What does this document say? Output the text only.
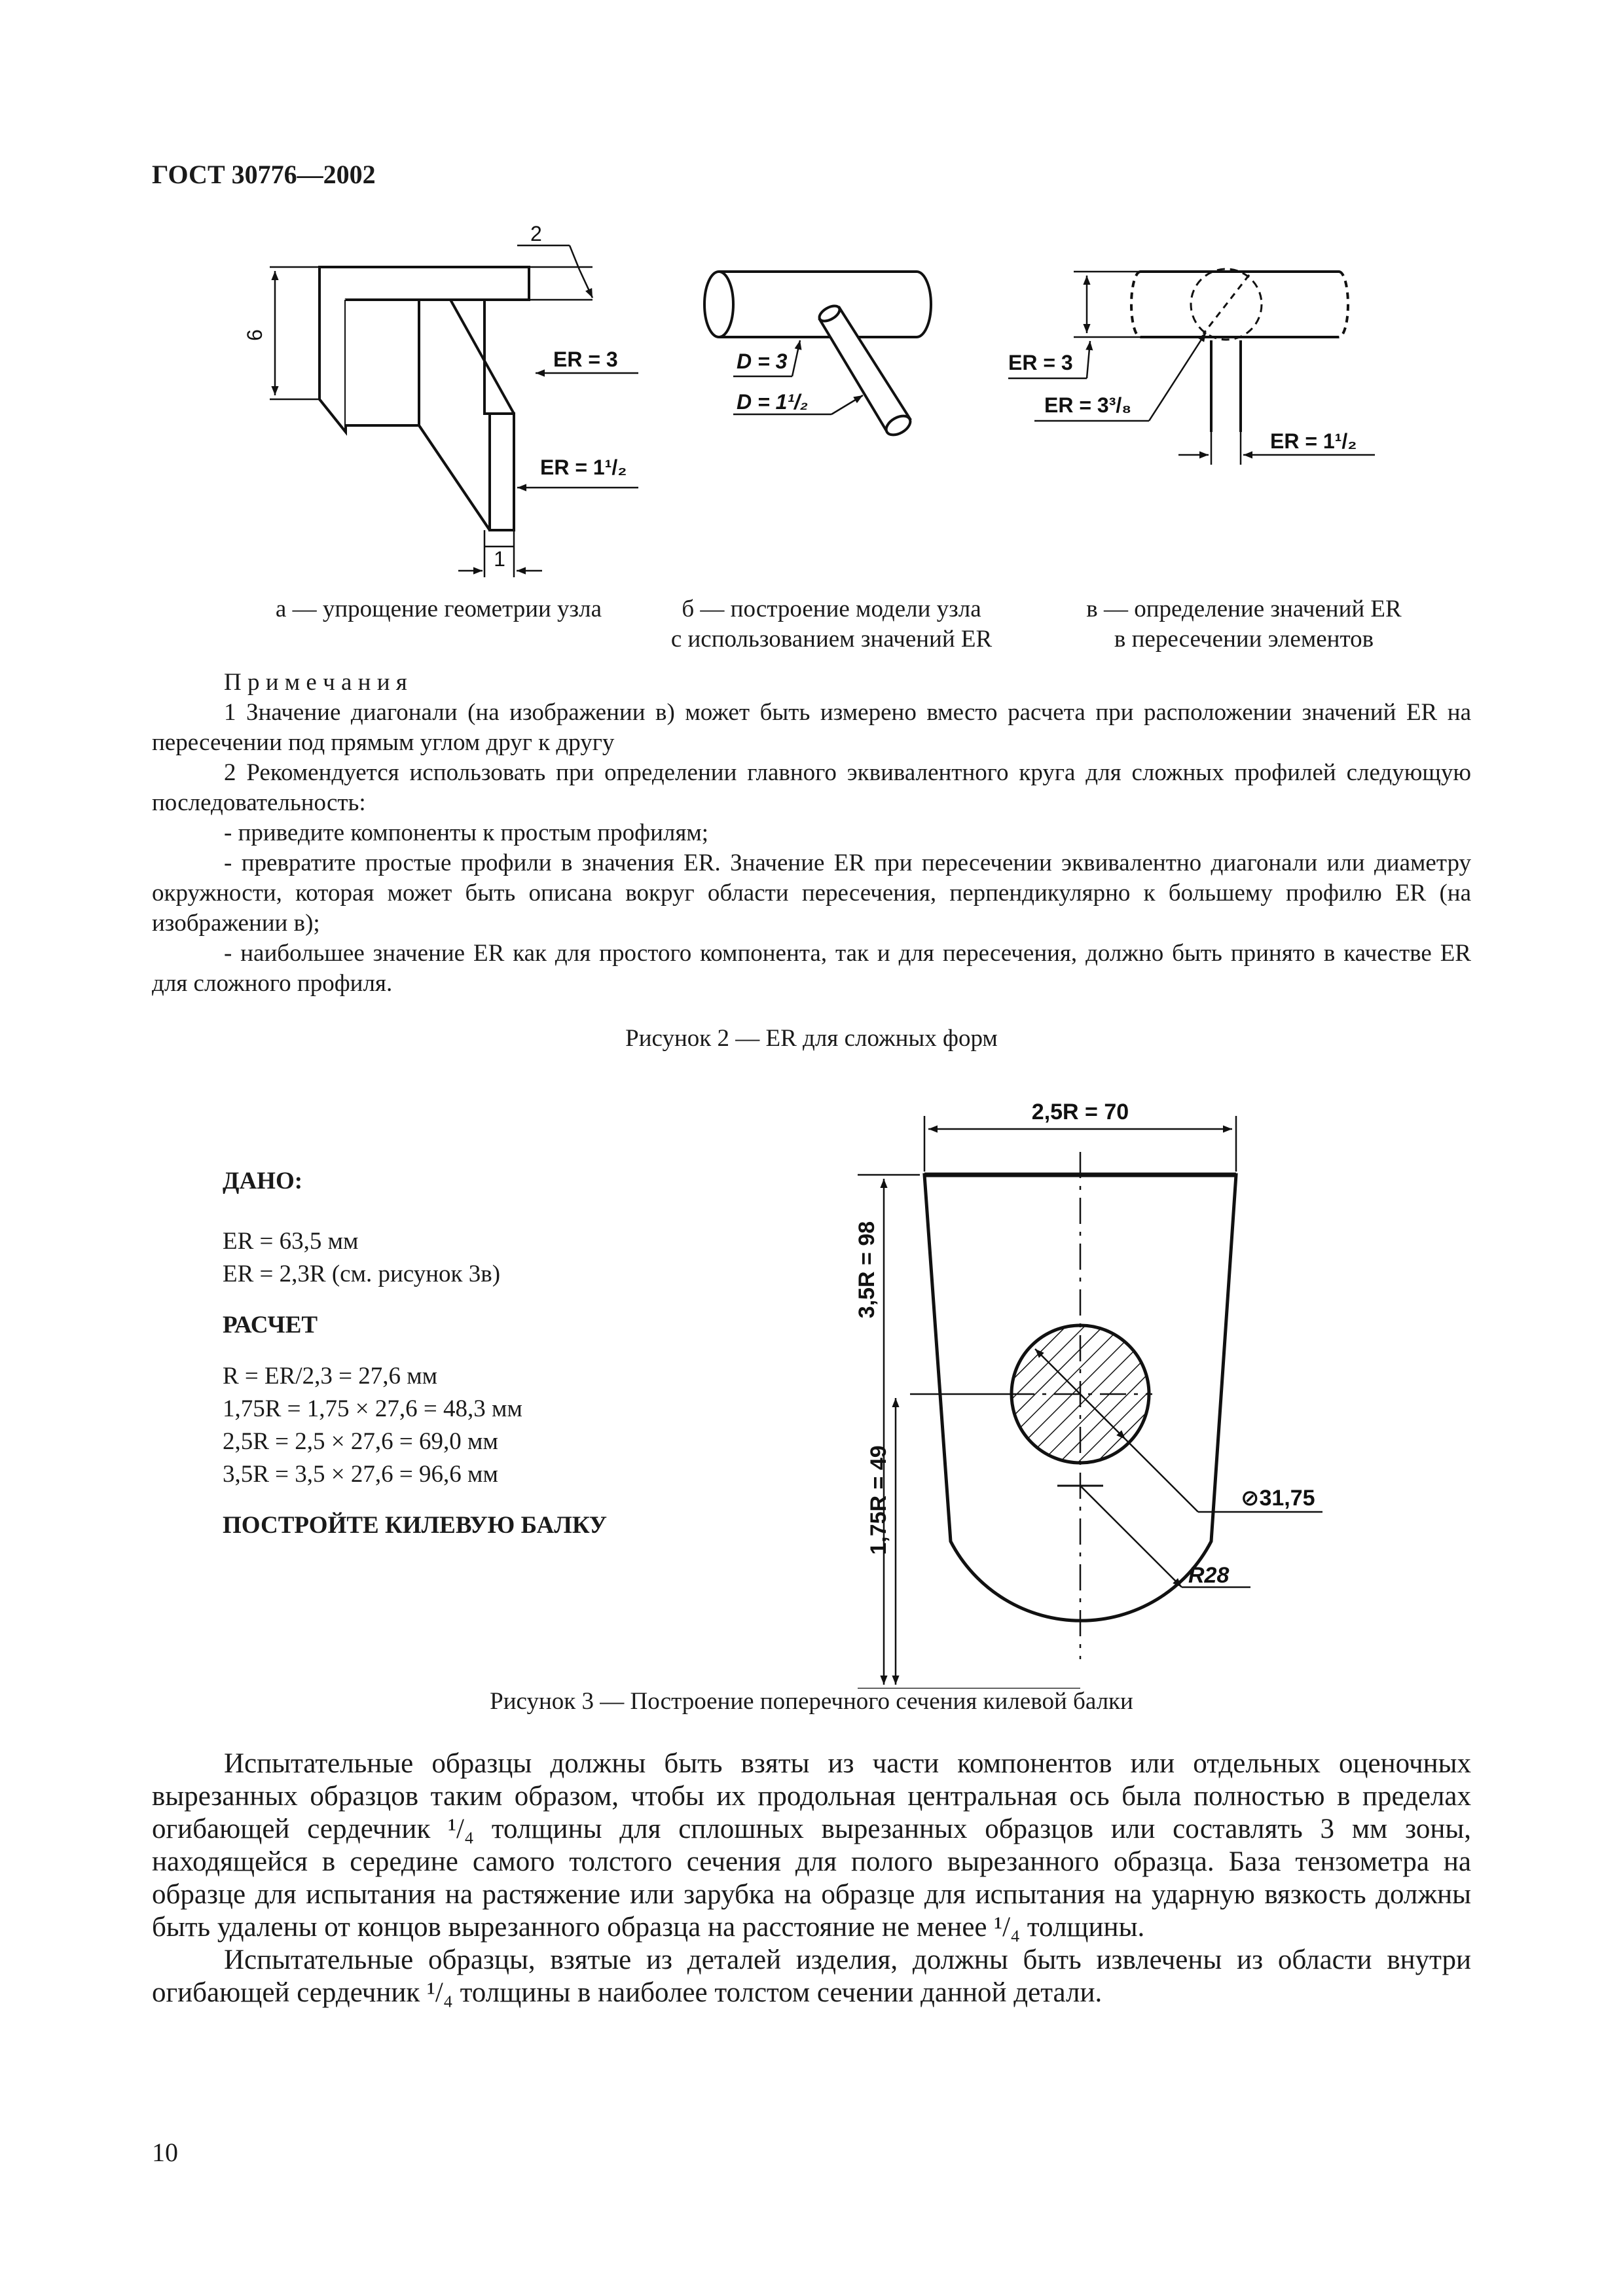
ГОСТ 30776—2002
2
6
ER = 3
ER = 1¹/₂
1
D = 3
D = 1¹/₂
ER = 3
ER = 3³/₈
ER = 1¹/₂
а — упрощение геометрии узла	б — построение модели узла
с использованием значений ER
в — определение значений ER
в пересечении элементов

П р и м е ч а н и я

1 Значение диагонали (на изображении в) может быть измерено вместо расчета при расположении значений ER на пересечении под прямым углом друг к другу

2 Рекомендуется использовать при определении главного эквивалентного круга для сложных профилей следующую последовательность:

- приведите компоненты к простым профилям;

- превратите простые профили в значения ER. Значение ER при пересечении эквивалентно диагонали или диаметру окружности, которая может быть описана вокруг области пересечения, перпендикулярно к большему профилю ER (на изображении в);

- наибольшее значение ER как для простого компонента, так и для пересечения, должно быть принято в качестве ER для сложного профиля.

Рисунок 2 — ER для сложных форм
ДАНО:
ER = 63,5 мм
ER = 2,3R (см. рисунок 3в)
РАСЧЕТ
R = ER/2,3 = 27,6 мм
1,75R = 1,75 × 27,6 = 48,3 мм
2,5R = 2,5 × 27,6 = 69,0 мм
3,5R = 3,5 × 27,6 = 96,6 мм
ПОСТРОЙТЕ КИЛЕВУЮ БАЛКУ
2,5R = 70
3,5R = 98
1,75R = 49	⊘31,75
R28
Рисунок 3 — Построение поперечного сечения килевой балки

Испытательные образцы должны быть взяты из части компонентов или отдельных оценочных вырезанных образцов таким образом, чтобы их продольная центральная ось была полностью в пределах огибающей сердечник ¹/₄ толщины для сплошных вырезанных образцов или составлять 3 мм зоны, находящейся в середине самого толстого сечения для полого вырезанного образца. База тензометра на образце для испытания на растяжение или зарубка на образце для испытания на ударную вязкость должны быть удалены от концов вырезанного образца на расстояние не менее ¹/₄ толщины.

Испытательные образцы, взятые из деталей изделия, должны быть извлечены из области внутри огибающей сердечник ¹/₄ толщины в наиболее толстом сечении данной детали.

10
